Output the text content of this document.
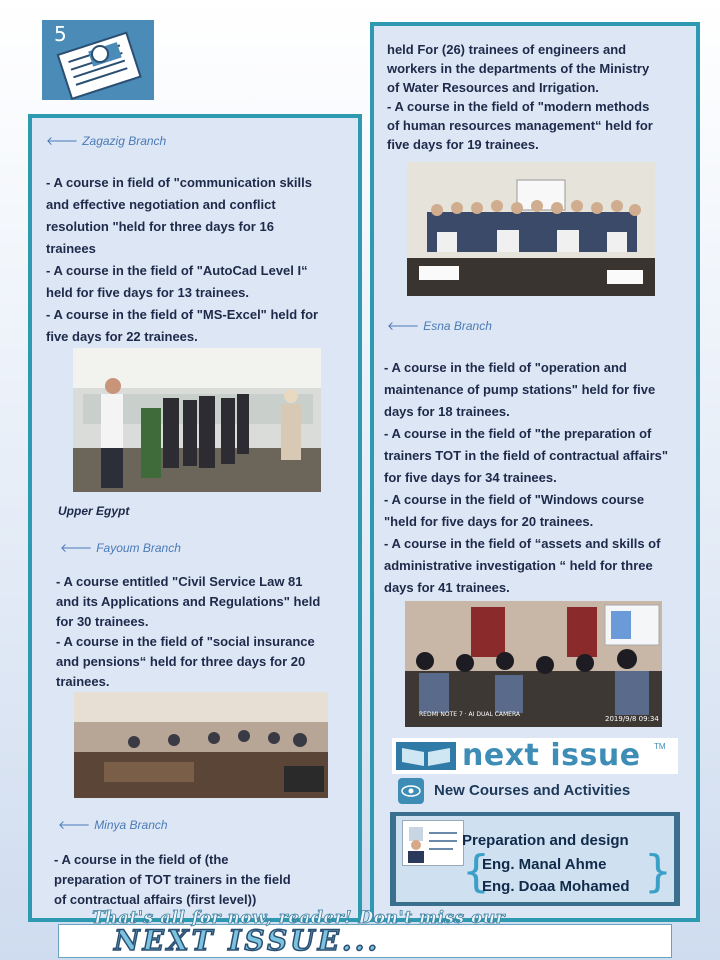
5
🡐 Zagazig Branch
- A course in field of "communication skills
and effective negotiation and conflict
resolution "held for three days for 16
trainees
- A course in the field of "AutoCad Level I“
held for five days for 13 trainees.
- A course in the field of "MS-Excel" held for
five days for 22 trainees.
Upper Egypt
🡐 Fayoum Branch
- A course entitled "Civil Service Law 81
and its Applications and Regulations" held
for 30 trainees.
- A course in the field of "social insurance
and pensions“ held for three days for 20
trainees.
🡐 Minya Branch
- A course in the field of (the
preparation of TOT trainers in the field
of contractual affairs (first level))
held For (26) trainees of engineers and
workers in the departments of the Ministry
of Water Resources and Irrigation.
- A course in the field of "modern methods
of human resources management“ held for
five days for 19 trainees.
🡐 Esna Branch
- A course in the field of "operation and
maintenance of pump stations" held for five
days for 18 trainees.
- A course in the field of "the preparation of
trainers TOT in the field of contractual affairs"
for five days for 34 trainees.
- A course in the field of "Windows course
"held for five days for 20 trainees.
- A course in the field of “assets and skills of
administrative investigation “ held for three
days for 41 trainees.
REDMI NOTE 7 · AI DUAL CAMERA
2019/9/8 09:34
next issue TM
New Courses and Activities
Preparation and design
{	}
Eng. Manal Ahme
Eng. Doaa Mohamed
That's all for now, reader! Don't miss our
NEXT ISSUE...
